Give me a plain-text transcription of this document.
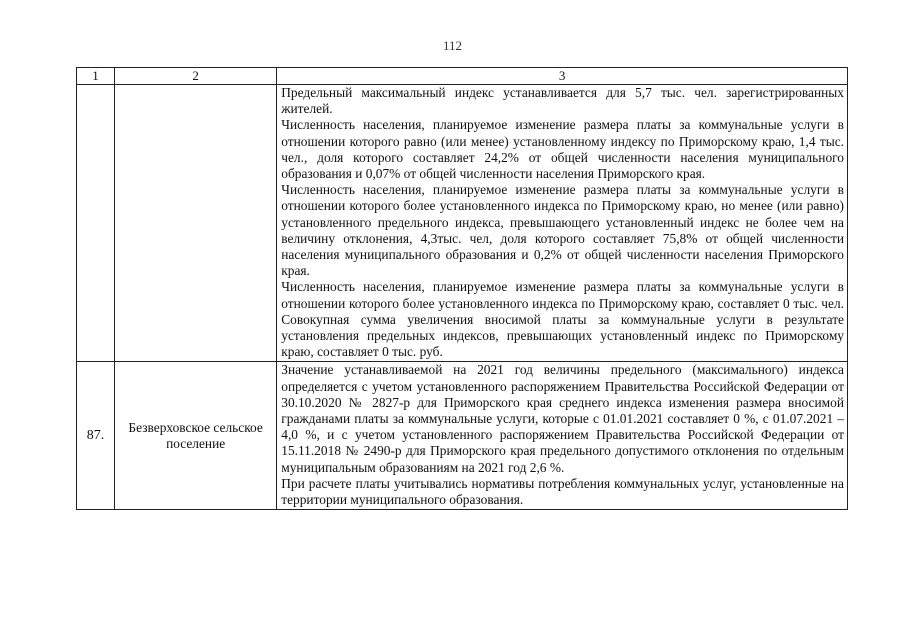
112
1	2	3

		Предельный максимальный индекс устанавливается для 5,7 тыс. чел. зарегистрированных жителей.

Численность населения, планируемое изменение размера платы за коммунальные услуги в отношении которого равно (или менее) установленному индексу по Приморскому краю, 1,4 тыс. чел., доля которого составляет 24,2% от общей численности населения муниципального образования и 0,07% от общей численности населения Приморского края.

Численность населения, планируемое изменение размера платы за коммунальные услуги в отношении которого более установленного индекса по Приморскому краю, но менее (или равно) установленного предельного индекса, превышающего установленный индекс не более чем на величину отклонения, 4,3тыс. чел, доля которого составляет 75,8% от общей численности населения муниципального образования и 0,2% от общей численности населения Приморского края.

Численность населения, планируемое изменение размера платы за коммунальные услуги в отношении которого более установленного индекса по Приморскому краю, составляет 0 тыс. чел. Совокупная сумма увеличения вносимой платы за коммунальные услуги в результате установления предельных индексов, превышающих установленный индекс по Приморскому краю, составляет 0 тыс. руб.

87.	Безверховское сельское поселение	Значение устанавливаемой на 2021 год величины предельного (максимального) индекса определяется с учетом установленного распоряжением Правительства Российской Федерации от 30.10.2020 № 2827-р для Приморского края среднего индекса изменения размера вносимой гражданами платы за коммунальные услуги, которые с 01.01.2021 составляет 0 %, с 01.07.2021 – 4,0 %, и с учетом установленного распоряжением Правительства Российской Федерации от 15.11.2018 № 2490-р для Приморского края предельного допустимого отклонения по отдельным муниципальным образованиям на 2021 год 2,6 %.

При расчете платы учитывались нормативы потребления коммунальных услуг, установленные на территории муниципального образования.
